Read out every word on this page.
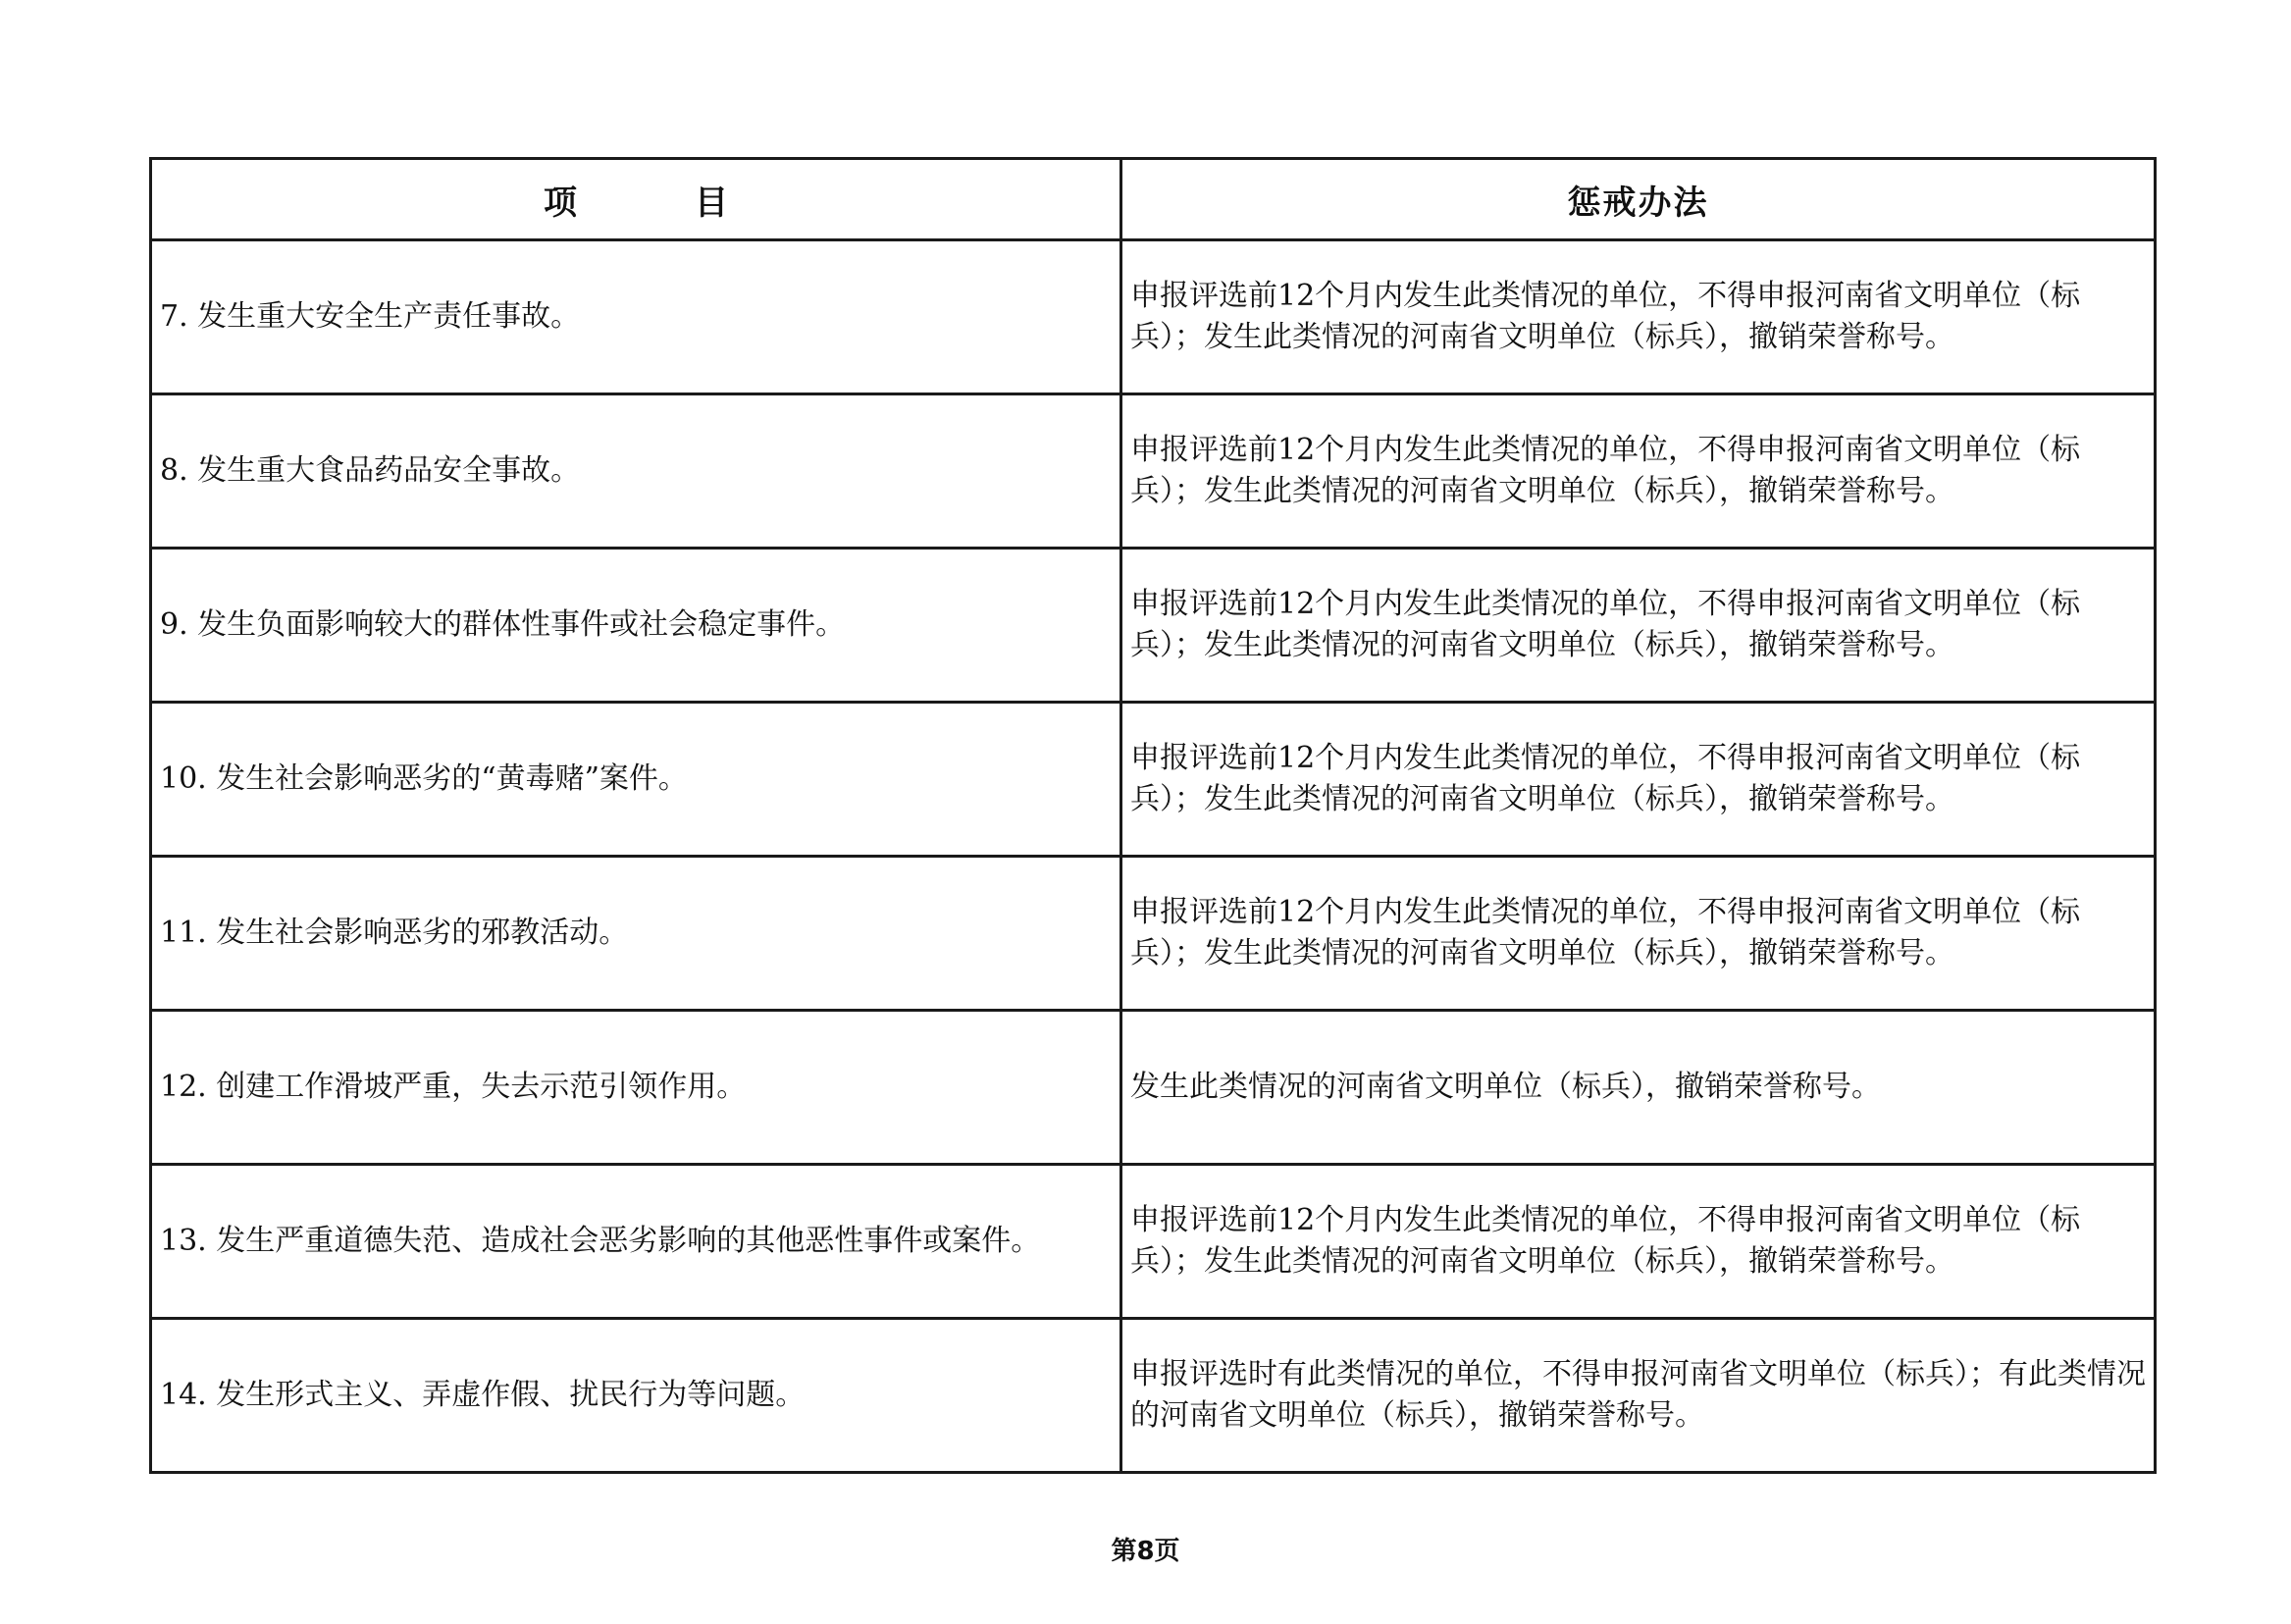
项目	惩戒办法
7. 发生重大安全生产责任事故。	申报评选前12个月内发生此类情况的单位，不得申报河南省文明单位（标兵）；发生此类情况的河南省文明单位（标兵），撤销荣誉称号。
8. 发生重大食品药品安全事故。	申报评选前12个月内发生此类情况的单位，不得申报河南省文明单位（标兵）；发生此类情况的河南省文明单位（标兵），撤销荣誉称号。
9. 发生负面影响较大的群体性事件或社会稳定事件。	申报评选前12个月内发生此类情况的单位，不得申报河南省文明单位（标兵）；发生此类情况的河南省文明单位（标兵），撤销荣誉称号。
10. 发生社会影响恶劣的“黄毒赌”案件。	申报评选前12个月内发生此类情况的单位，不得申报河南省文明单位（标兵）；发生此类情况的河南省文明单位（标兵），撤销荣誉称号。
11. 发生社会影响恶劣的邪教活动。	申报评选前12个月内发生此类情况的单位，不得申报河南省文明单位（标兵）；发生此类情况的河南省文明单位（标兵），撤销荣誉称号。
12. 创建工作滑坡严重，失去示范引领作用。	发生此类情况的河南省文明单位（标兵），撤销荣誉称号。
13. 发生严重道德失范、造成社会恶劣影响的其他恶性事件或案件。	申报评选前12个月内发生此类情况的单位，不得申报河南省文明单位（标兵）；发生此类情况的河南省文明单位（标兵），撤销荣誉称号。
14. 发生形式主义、弄虚作假、扰民行为等问题。	申报评选时有此类情况的单位，不得申报河南省文明单位（标兵）；有此类情况的河南省文明单位（标兵），撤销荣誉称号。
第8页
